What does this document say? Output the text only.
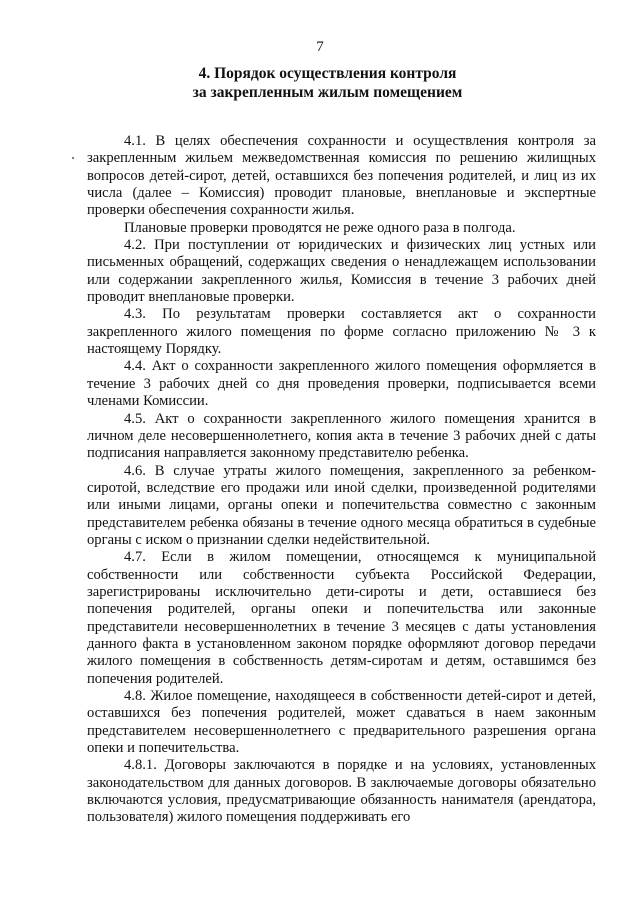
7
4. Порядок осуществления контроля
за закрепленным жилым помещением

4.1. В целях обеспечения сохранности и осуществления контроля за закрепленным жильем межведомственная комиссия по решению жилищных вопросов детей-сирот, детей, оставшихся без попечения родителей, и лиц из их числа (далее – Комиссия) проводит плановые, внеплановые и экспертные проверки обеспечения сохранности жилья.

Плановые проверки проводятся не реже одного раза в полгода.

4.2. При поступлении от юридических и физических лиц устных или письменных обращений, содержащих сведения о ненадлежащем использовании или содержании закрепленного жилья, Комиссия в течение 3 рабочих дней проводит внеплановые проверки.

4.3. По результатам проверки составляется акт о сохранности закрепленного жилого помещения по форме согласно приложению № 3 к настоящему Порядку.

4.4. Акт о сохранности закрепленного жилого помещения оформляется в течение 3 рабочих дней со дня проведения проверки, подписывается всеми членами Комиссии.

4.5. Акт о сохранности закрепленного жилого помещения хранится в личном деле несовершеннолетнего, копия акта в течение 3 рабочих дней с даты подписания направляется законному представителю ребенка.

4.6. В случае утраты жилого помещения, закрепленного за ребенком-сиротой, вследствие его продажи или иной сделки, произведенной родителями или иными лицами, органы опеки и попечительства совместно с законным представителем ребенка обязаны в течение одного месяца обратиться в судебные органы с иском о признании сделки недействительной.

4.7. Если в жилом помещении, относящемся к муниципальной собственности или собственности субъекта Российской Федерации, зарегистрированы исключительно дети-сироты и дети, оставшиеся без попечения родителей, органы опеки и попечительства или законные представители несовершеннолетних в течение 3 месяцев с даты установления данного факта в установленном законом порядке оформляют договор передачи жилого помещения в собственность детям-сиротам и детям, оставшимся без попечения родителей.

4.8. Жилое помещение, находящееся в собственности детей-сирот и детей, оставшихся без попечения родителей, может сдаваться в наем законным представителем несовершеннолетнего с предварительного разрешения органа опеки и попечительства.

4.8.1. Договоры заключаются в порядке и на условиях, установленных законодательством для данных договоров. В заключаемые договоры обязательно включаются условия, предусматривающие обязанность нанимателя (арендатора, пользователя) жилого помещения поддерживать его
